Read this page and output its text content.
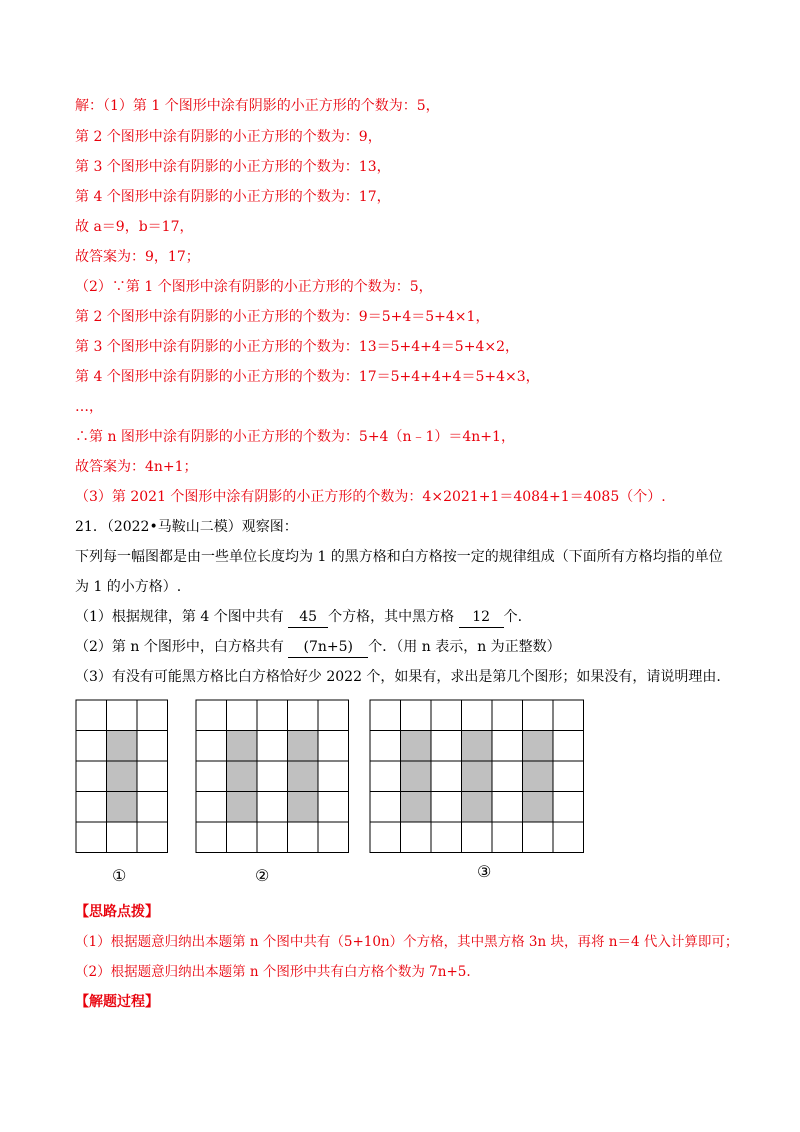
解：（1）第 1 个图形中涂有阴影的小正方形的个数为：5，
第 2 个图形中涂有阴影的小正方形的个数为：9，
第 3 个图形中涂有阴影的小正方形的个数为：13，
第 4 个图形中涂有阴影的小正方形的个数为：17，
故 a＝9，b＝17，
故答案为：9，17；
（2）∵第 1 个图形中涂有阴影的小正方形的个数为：5，
第 2 个图形中涂有阴影的小正方形的个数为：9＝5+4＝5+4×1，
第 3 个图形中涂有阴影的小正方形的个数为：13＝5+4+4＝5+4×2，
第 4 个图形中涂有阴影的小正方形的个数为：17＝5+4+4+4＝5+4×3，
…，
∴第 n 图形中涂有阴影的小正方形的个数为：5+4（n﹣1）＝4n+1，
故答案为：4n+1；
（3）第 2021 个图形中涂有阴影的小正方形的个数为：4×2021+1＝4084+1＝4085（个）.
21．（2022•马鞍山二模）观察图：
下列每一幅图都是由一些单位长度均为 1 的黑方格和白方格按一定的规律组成（下面所有方格均指的单位
为 1 的小方格）.
（1）根据规律，第 4 个图中共有 45 个方格，其中黑方格 12 个.
（2）第 n 个图形中，白方格共有 (7n+5) 个．（用 n 表示，n 为正整数）
（3）有没有可能黑方格比白方格恰好少 2022 个，如果有，求出是第几个图形；如果没有，请说明理由.
①	②	③
【思路点拨】
（1）根据题意归纳出本题第 n 个图中共有（5+10n）个方格，其中黑方格 3n 块，再将 n＝4 代入计算即可；
（2）根据题意归纳出本题第 n 个图形中共有白方格个数为 7n+5.
【解题过程】
